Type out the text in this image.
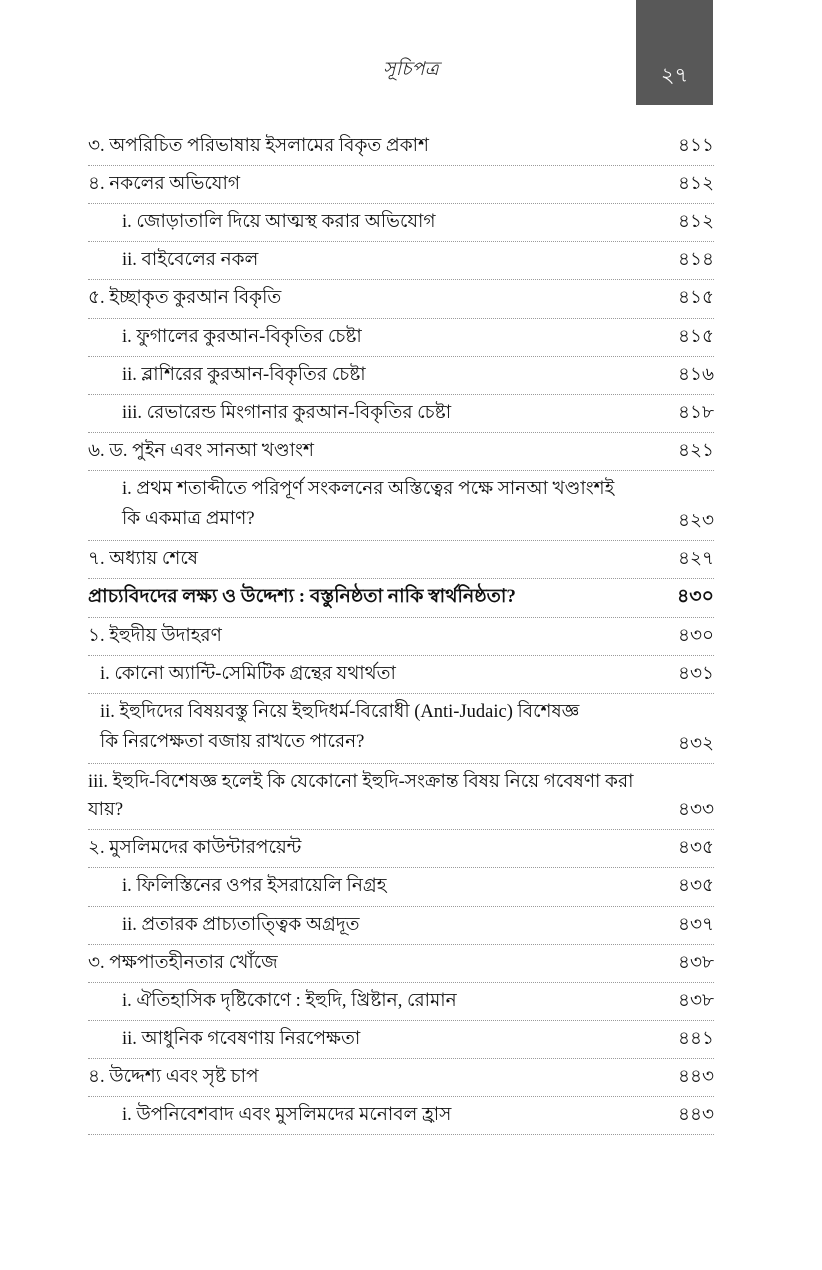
সূচিপত্র	২৭
৩. অপরিচিত পরিভাষায় ইসলামের বিকৃত প্রকাশ	৪১১
৪. নকলের অভিযোগ	৪১২
i. জোড়াতালি দিয়ে আত্মস্থ করার অভিযোগ	৪১২
ii. বাইবেলের নকল	৪১৪
৫. ইচ্ছাকৃত কুরআন বিকৃতি	৪১৫
i. ফুগালের কুরআন-বিকৃতির চেষ্টা	৪১৫
ii. ব্লাশিরের কুরআন-বিকৃতির চেষ্টা	৪১৬
iii. রেভারেন্ড মিংগানার কুরআন-বিকৃতির চেষ্টা	৪১৮
৬. ড. পুইন এবং সানআ খণ্ডাংশ	৪২১
i. প্রথম শতাব্দীতে পরিপূর্ণ সংকলনের অস্তিত্বের পক্ষে সানআ খণ্ডাংশই
কি একমাত্র প্রমাণ?	৪২৩
৭. অধ্যায় শেষে	৪২৭
প্রাচ্যবিদদের লক্ষ্য ও উদ্দেশ্য : বস্তুনিষ্ঠতা নাকি স্বার্থনিষ্ঠতা?	৪৩০
১. ইহুদীয় উদাহরণ	৪৩০
i. কোনো অ্যান্টি-সেমিটিক গ্রন্থের যথার্থতা	৪৩১
ii. ইহুদিদের বিষয়বস্তু নিয়ে ইহুদিধর্ম-বিরোধী (Anti-Judaic) বিশেষজ্ঞ
কি নিরপেক্ষতা বজায় রাখতে পারেন?	৪৩২
iii. ইহুদি-বিশেষজ্ঞ হলেই কি যেকোনো ইহুদি-সংক্রান্ত বিষয় নিয়ে গবেষণা করা যায়?	৪৩৩
২. মুসলিমদের কাউন্টারপয়েন্ট	৪৩৫
i. ফিলিস্তিনের ওপর ইসরায়েলি নিগ্রহ	৪৩৫
ii. প্রতারক প্রাচ্যতাত্ত্বিক অগ্রদূত	৪৩৭
৩. পক্ষপাতহীনতার খোঁজে	৪৩৮
i. ঐতিহাসিক দৃষ্টিকোণে : ইহুদি, খ্রিষ্টান, রোমান	৪৩৮
ii. আধুনিক গবেষণায় নিরপেক্ষতা	৪৪১
৪. উদ্দেশ্য এবং সৃষ্ট চাপ	৪৪৩
i. উপনিবেশবাদ এবং মুসলিমদের মনোবল হ্রাস	৪৪৩
